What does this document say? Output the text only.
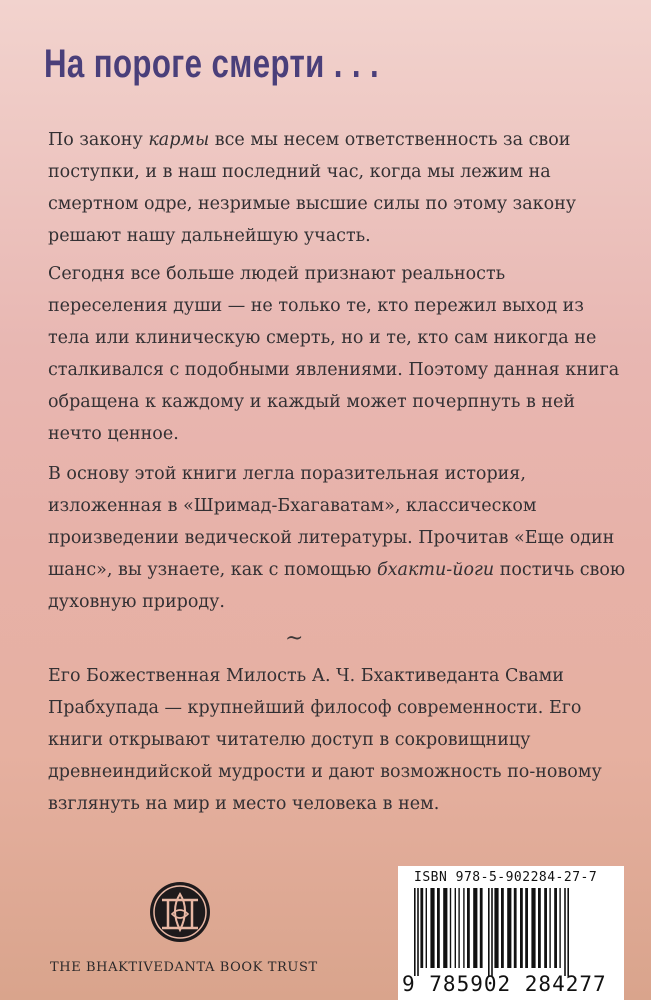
На пороге смерти . . .

По закону кармы все мы несем ответственность за свои поступки, и в наш последний час, когда мы лежим на смертном одре, незримые высшие силы по этому закону решают нашу дальнейшую участь.

Сегодня все больше людей признают реальность переселения души — не только те, кто пережил выход из тела или клиническую смерть, но и те, кто сам никогда не сталкивался с подобными явлениями. Поэтому данная книга обращена к каждому и каждый может почерпнуть в ней нечто ценное.

В основу этой книги легла поразительная история, изложенная в «Шримад-Бхагаватам», классическом произведении ведической литературы. Прочитав «Еще один шанс», вы узнаете, как с помощью бхакти-йоги постичь свою духовную природу.

~

Его Божественная Милость А. Ч. Бхактиведанта Свами Прабхупада — крупнейший философ современности. Его книги открывают читателю доступ в сокровищницу древнеиндийской мудрости и дают возможность по-новому взглянуть на мир и место человека в нем.

THE BHAKTIVEDANTA BOOK TRUST
ISBN 978-5-902284-27-7
9 785902 284277
